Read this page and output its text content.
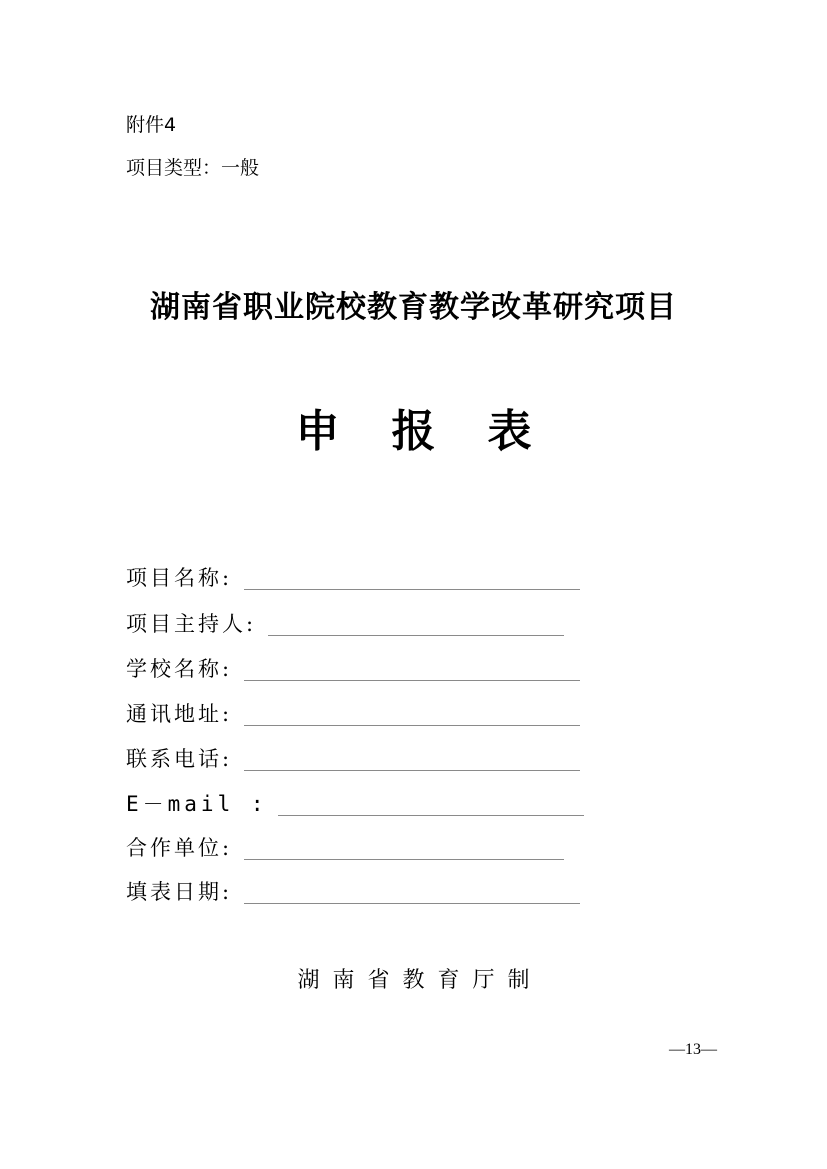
附件4
项目类型：一般
湖南省职业院校教育教学改革研究项目
申报表
项目名称:
项目主持人:
学校名称:
通讯地址:
联系电话:
E－mail :
合作单位:
填表日期:
湖南省教育厅制
—13—
